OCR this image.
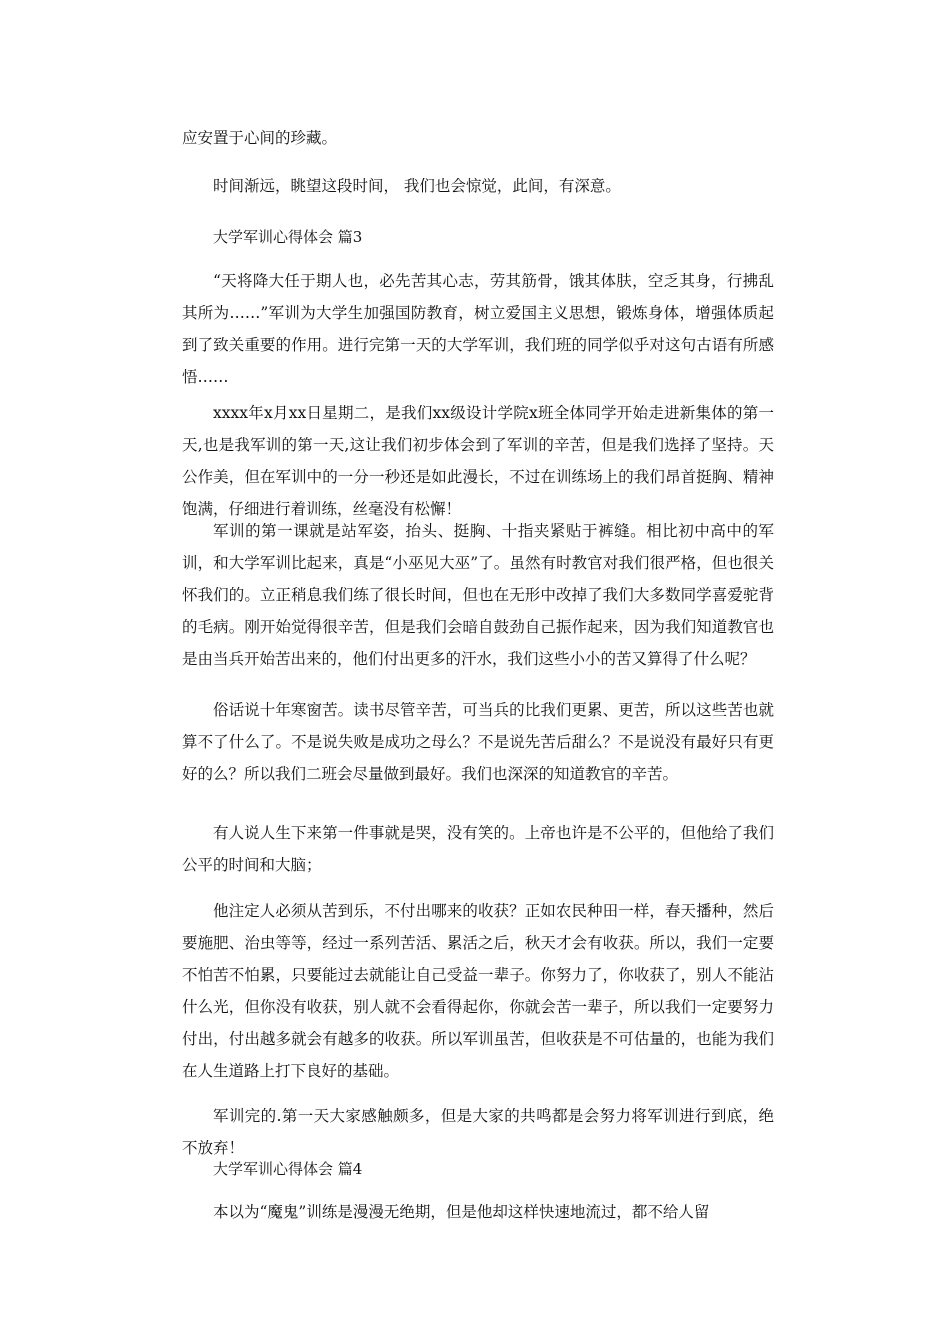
应安置于心间的珍藏。

时间渐远，眺望这段时间， 我们也会惊觉，此间，有深意。

大学军训心得体会 篇3

“天将降大任于期人也，必先苦其心志，劳其筋骨，饿其体肤，空乏其身，行拂乱其所为……”军训为大学生加强国防教育，树立爱国主义思想，锻炼身体，增强体质起到了致关重要的作用。进行完第一天的大学军训，我们班的同学似乎对这句古语有所感悟……

xxxx年x月xx日星期二，是我们xx级设计学院x班全体同学开始走进新集体的第一天,也是我军训的第一天,这让我们初步体会到了军训的辛苦，但是我们选择了坚持。天公作美，但在军训中的一分一秒还是如此漫长，不过在训练场上的我们昂首挺胸、精神饱满，仔细进行着训练，丝毫没有松懈！

军训的第一课就是站军姿，抬头、挺胸、十指夹紧贴于裤缝。相比初中高中的军训，和大学军训比起来，真是“小巫见大巫”了。虽然有时教官对我们很严格，但也很关怀我们的。立正稍息我们练了很长时间，但也在无形中改掉了我们大多数同学喜爱驼背的毛病。刚开始觉得很辛苦，但是我们会暗自鼓劲自己振作起来，因为我们知道教官也是由当兵开始苦出来的，他们付出更多的汗水，我们这些小小的苦又算得了什么呢？

俗话说十年寒窗苦。读书尽管辛苦，可当兵的比我们更累、更苦，所以这些苦也就算不了什么了。不是说失败是成功之母么？不是说先苦后甜么？不是说没有最好只有更好的么？所以我们二班会尽量做到最好。我们也深深的知道教官的辛苦。

有人说人生下来第一件事就是哭，没有笑的。上帝也许是不公平的，但他给了我们公平的时间和大脑；

他注定人必须从苦到乐，不付出哪来的收获？正如农民种田一样，春天播种，然后要施肥、治虫等等，经过一系列苦活、累活之后，秋天才会有收获。所以，我们一定要不怕苦不怕累，只要能过去就能让自己受益一辈子。你努力了，你收获了，别人不能沾什么光，但你没有收获，别人就不会看得起你，你就会苦一辈子，所以我们一定要努力付出，付出越多就会有越多的收获。所以军训虽苦，但收获是不可估量的，也能为我们在人生道路上打下良好的基础。

军训完的.第一天大家感触颇多，但是大家的共鸣都是会努力将军训进行到底，绝不放弃！

大学军训心得体会 篇4

本以为“魔鬼”训练是漫漫无绝期，但是他却这样快速地流过，都不给人留
